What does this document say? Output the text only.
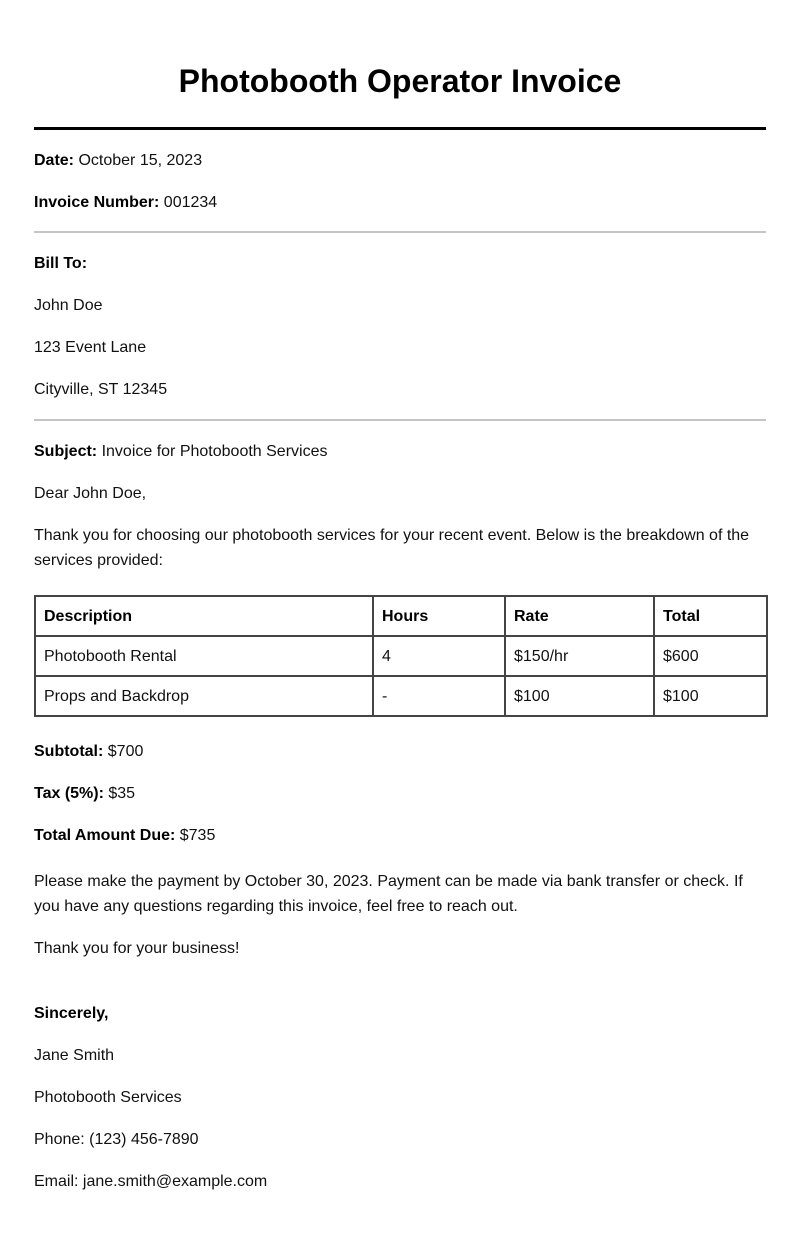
Photobooth Operator Invoice

Date: October 15, 2023

Invoice Number: 001234

Bill To:

John Doe

123 Event Lane

Cityville, ST 12345

Subject: Invoice for Photobooth Services

Dear John Doe,

Thank you for choosing our photobooth services for your recent event. Below is the breakdown of the services provided:

Description	Hours	Rate	Total
Photobooth Rental	4	$150/hr	$600
Props and Backdrop	-	$100	$100

Subtotal: $700

Tax (5%): $35

Total Amount Due: $735

Please make the payment by October 30, 2023. Payment can be made via bank transfer or check. If you have any questions regarding this invoice, feel free to reach out.

Thank you for your business!

Sincerely,

Jane Smith

Photobooth Services

Phone: (123) 456-7890

Email: jane.smith@example.com
